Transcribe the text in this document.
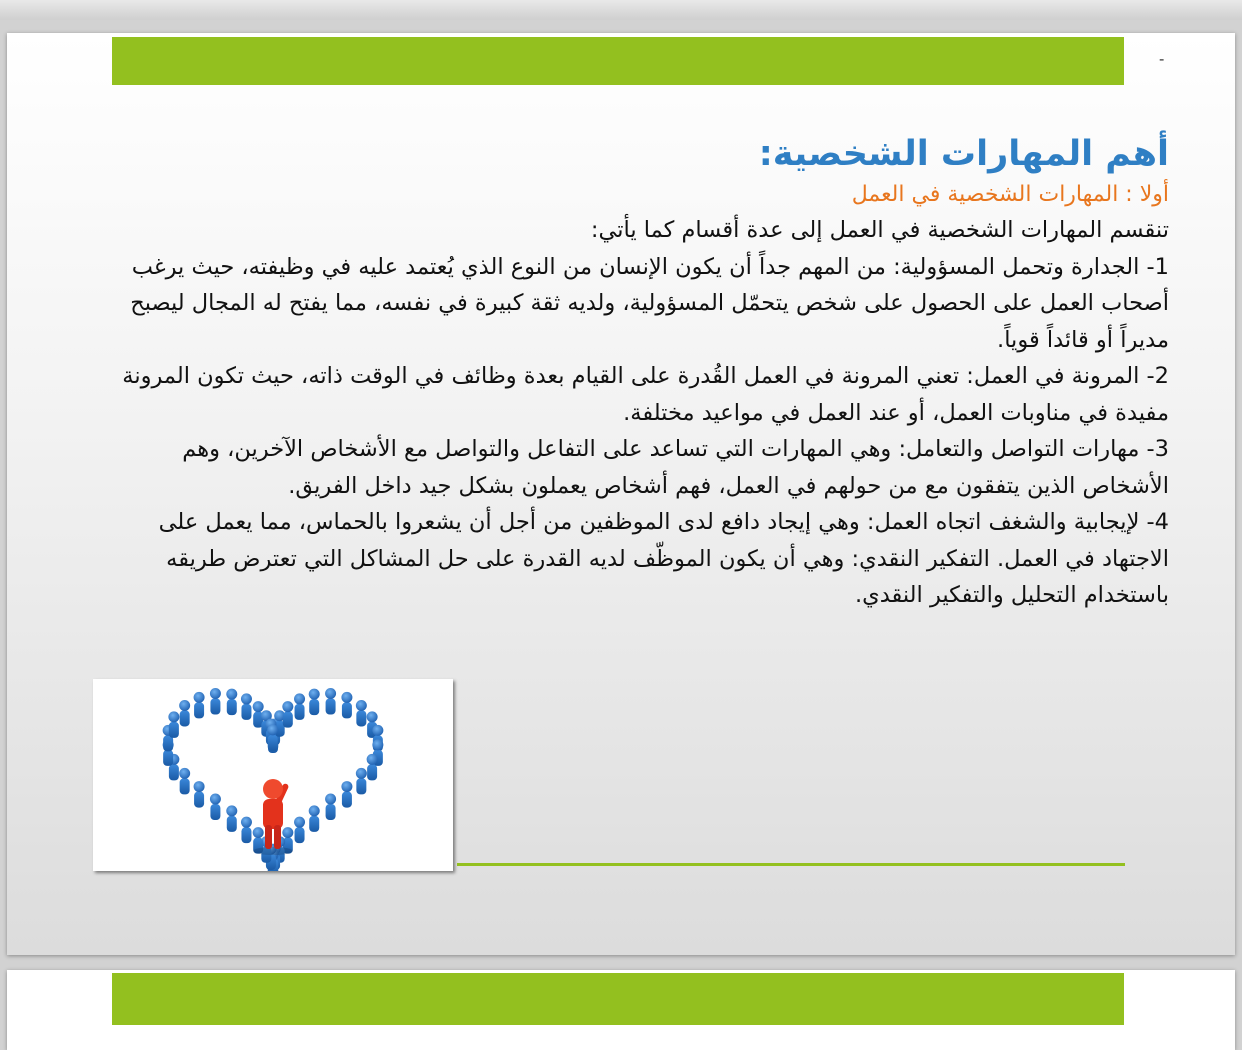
-
أهم المهارات الشخصية:

أولا : المهارات الشخصية في العمل

تنقسم المهارات الشخصية في العمل إلى عدة أقسام كما يأتي:

1- الجدارة وتحمل المسؤولية: من المهم جداً أن يكون الإنسان من النوع الذي يُعتمد عليه في وظيفته، حيث يرغب أصحاب العمل على الحصول على شخص يتحمّل المسؤولية، ولديه ثقة كبيرة في نفسه، مما يفتح له المجال ليصبح مديراً أو قائداً قوياً.

2- المرونة في العمل: تعني المرونة في العمل القُدرة على القيام بعدة وظائف في الوقت ذاته، حيث تكون المرونة مفيدة في مناوبات العمل، أو عند العمل في مواعيد مختلفة.

3- مهارات التواصل والتعامل: وهي المهارات التي تساعد على التفاعل والتواصل مع الأشخاص الآخرين، وهم الأشخاص الذين يتفقون مع من حولهم في العمل، فهم أشخاص يعملون بشكل جيد داخل الفريق.

4- لإيجابية والشغف اتجاه العمل: وهي إيجاد دافع لدى الموظفين من أجل أن يشعروا بالحماس، مما يعمل على الاجتهاد في العمل. التفكير النقدي: وهي أن يكون الموظّف لديه القدرة على حل المشاكل التي تعترض طريقه باستخدام التحليل والتفكير النقدي.
